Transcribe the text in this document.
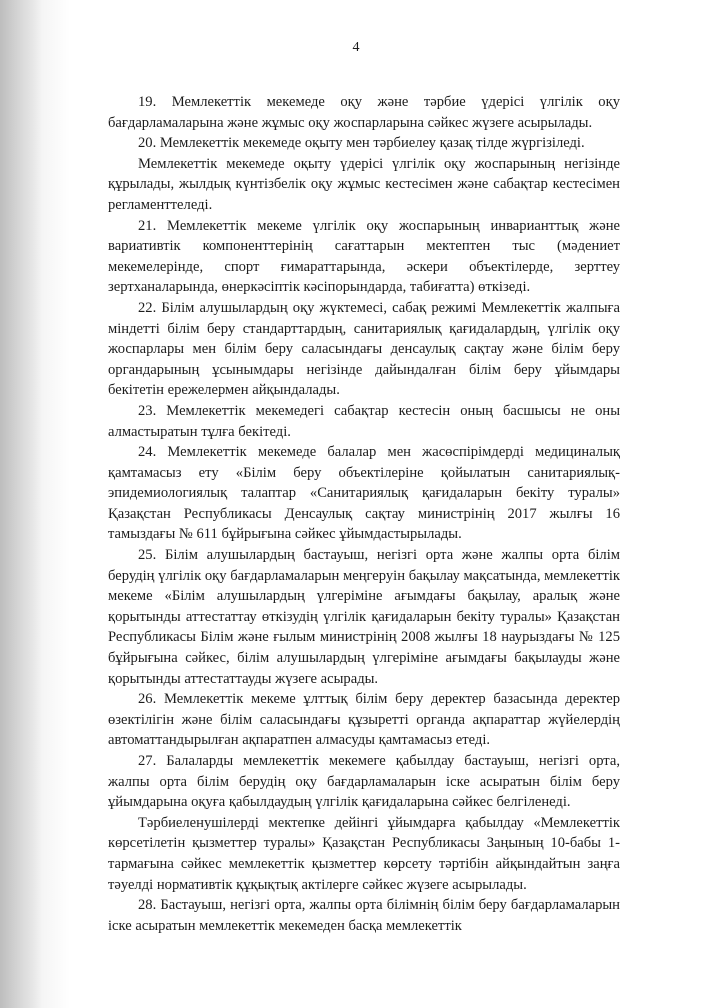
4

19. Мемлекеттік мекемеде оқу және тәрбие үдерісі үлгілік оқу бағдарламаларына және жұмыс оқу жоспарларына сәйкес жүзеге асырылады.

20. Мемлекеттік мекемеде оқыту мен тәрбиелеу қазақ тілде жүргізіледі.

Мемлекеттік мекемеде оқыту үдерісі үлгілік оқу жоспарының негізінде құрылады, жылдық күнтізбелік оқу жұмыс кестесімен және сабақтар кестесімен регламенттеледі.

21. Мемлекеттік мекеме үлгілік оқу жоспарының инварианттық және вариативтік компоненттерінің сағаттарын мектептен тыс (мәдениет мекемелерінде, спорт ғимараттарында, әскери объектілерде, зерттеу зертханаларында, өнеркәсіптік кәсіпорындарда, табиғатта) өткізеді.

22. Білім алушылардың оқу жүктемесі, сабақ режимі Мемлекеттік жалпыға міндетті білім беру стандарттардың, санитариялық қағидалардың, үлгілік оқу жоспарлары мен білім беру саласындағы денсаулық сақтау және білім беру органдарының ұсынымдары негізінде дайындалған білім беру ұйымдары бекітетін ережелермен айқындалады.

23. Мемлекеттік мекемедегі сабақтар кестесін оның басшысы не оны алмастыратын тұлға бекітеді.

24. Мемлекеттік мекемеде балалар мен жасөспірімдерді медициналық қамтамасыз ету «Білім беру объектілеріне қойылатын санитариялық-эпидемиологиялық талаптар «Санитариялық қағидаларын бекіту туралы» Қазақстан Республикасы Денсаулық сақтау министрінің 2017 жылғы 16 тамыздағы № 611 бұйрығына сәйкес ұйымдастырылады.

25. Білім алушылардың бастауыш, негізгі орта және жалпы орта білім берудің үлгілік оқу бағдарламаларын меңгеруін бақылау мақсатында, мемлекеттік мекеме «Білім алушылардың үлгеріміне ағымдағы бақылау, аралық және қорытынды аттестаттау өткізудің үлгілік қағидаларын бекіту туралы» Қазақстан Республикасы Білім және ғылым министрінің 2008 жылғы 18 наурыздағы № 125 бұйрығына сәйкес, білім алушылардың үлгеріміне ағымдағы бақылауды және қорытынды аттестаттауды жүзеге асырады.

26. Мемлекеттік мекеме ұлттық білім беру деректер базасында деректер өзектілігін және білім саласындағы құзыретті органда ақпараттар жүйелердің автоматтандырылған ақпаратпен алмасуды қамтамасыз етеді.

27. Балаларды мемлекеттік мекемеге қабылдау бастауыш, негізгі орта, жалпы орта білім берудің оқу бағдарламаларын іске асыратын білім беру ұйымдарына оқуға қабылдаудың үлгілік қағидаларына сәйкес белгіленеді.

Тәрбиеленушілерді мектепке дейінгі ұйымдарға қабылдау «Мемлекеттік көрсетілетін қызметтер туралы» Қазақстан Республикасы Заңының 10-бабы 1-тармағына сәйкес мемлекеттік қызметтер көрсету тәртібін айқындайтын заңға тәуелді нормативтік құқықтық актілерге сәйкес жүзеге асырылады.

28. Бастауыш, негізгі орта, жалпы орта білімнің білім беру бағдарламаларын іске асыратын мемлекеттік мекемеден басқа мемлекеттік
